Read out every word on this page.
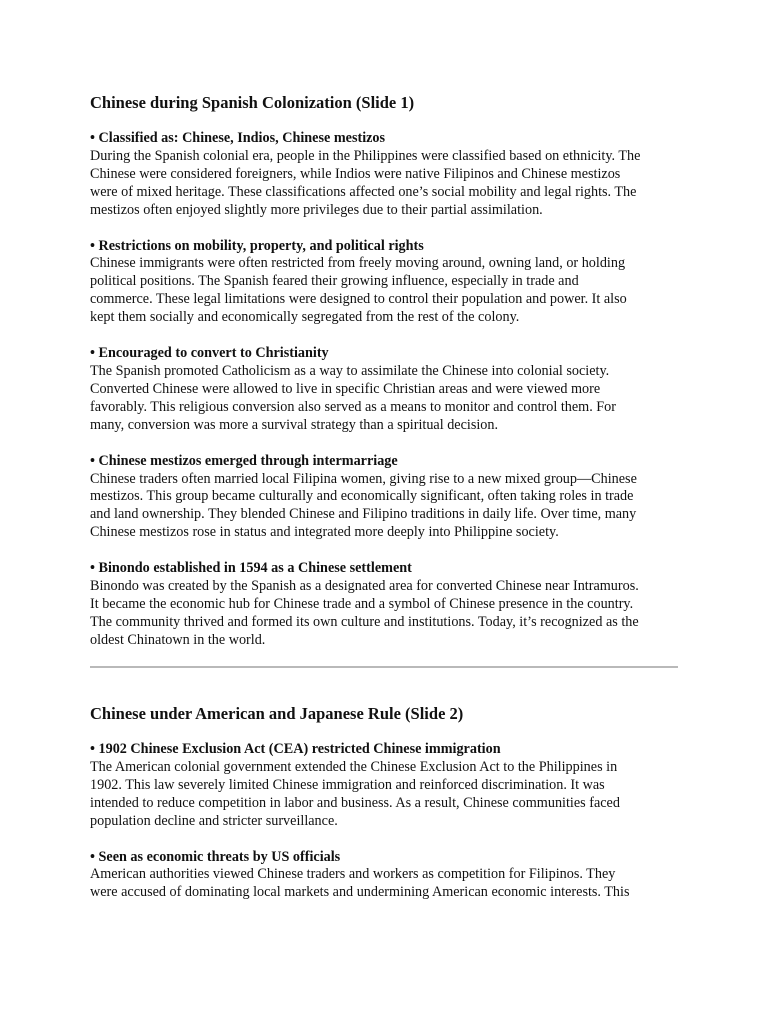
Chinese during Spanish Colonization (Slide 1)
• Classified as: Chinese, Indios, Chinese mestizos
During the Spanish colonial era, people in the Philippines were classified based on ethnicity. The
Chinese were considered foreigners, while Indios were native Filipinos and Chinese mestizos
were of mixed heritage. These classifications affected one’s social mobility and legal rights. The
mestizos often enjoyed slightly more privileges due to their partial assimilation.
• Restrictions on mobility, property, and political rights
Chinese immigrants were often restricted from freely moving around, owning land, or holding
political positions. The Spanish feared their growing influence, especially in trade and
commerce. These legal limitations were designed to control their population and power. It also
kept them socially and economically segregated from the rest of the colony.
• Encouraged to convert to Christianity
The Spanish promoted Catholicism as a way to assimilate the Chinese into colonial society.
Converted Chinese were allowed to live in specific Christian areas and were viewed more
favorably. This religious conversion also served as a means to monitor and control them. For
many, conversion was more a survival strategy than a spiritual decision.
• Chinese mestizos emerged through intermarriage
Chinese traders often married local Filipina women, giving rise to a new mixed group—Chinese
mestizos. This group became culturally and economically significant, often taking roles in trade
and land ownership. They blended Chinese and Filipino traditions in daily life. Over time, many
Chinese mestizos rose in status and integrated more deeply into Philippine society.
• Binondo established in 1594 as a Chinese settlement
Binondo was created by the Spanish as a designated area for converted Chinese near Intramuros.
It became the economic hub for Chinese trade and a symbol of Chinese presence in the country.
The community thrived and formed its own culture and institutions. Today, it’s recognized as the
oldest Chinatown in the world.
Chinese under American and Japanese Rule (Slide 2)
• 1902 Chinese Exclusion Act (CEA) restricted Chinese immigration
The American colonial government extended the Chinese Exclusion Act to the Philippines in
1902. This law severely limited Chinese immigration and reinforced discrimination. It was
intended to reduce competition in labor and business. As a result, Chinese communities faced
population decline and stricter surveillance.
• Seen as economic threats by US officials
American authorities viewed Chinese traders and workers as competition for Filipinos. They
were accused of dominating local markets and undermining American economic interests. This
